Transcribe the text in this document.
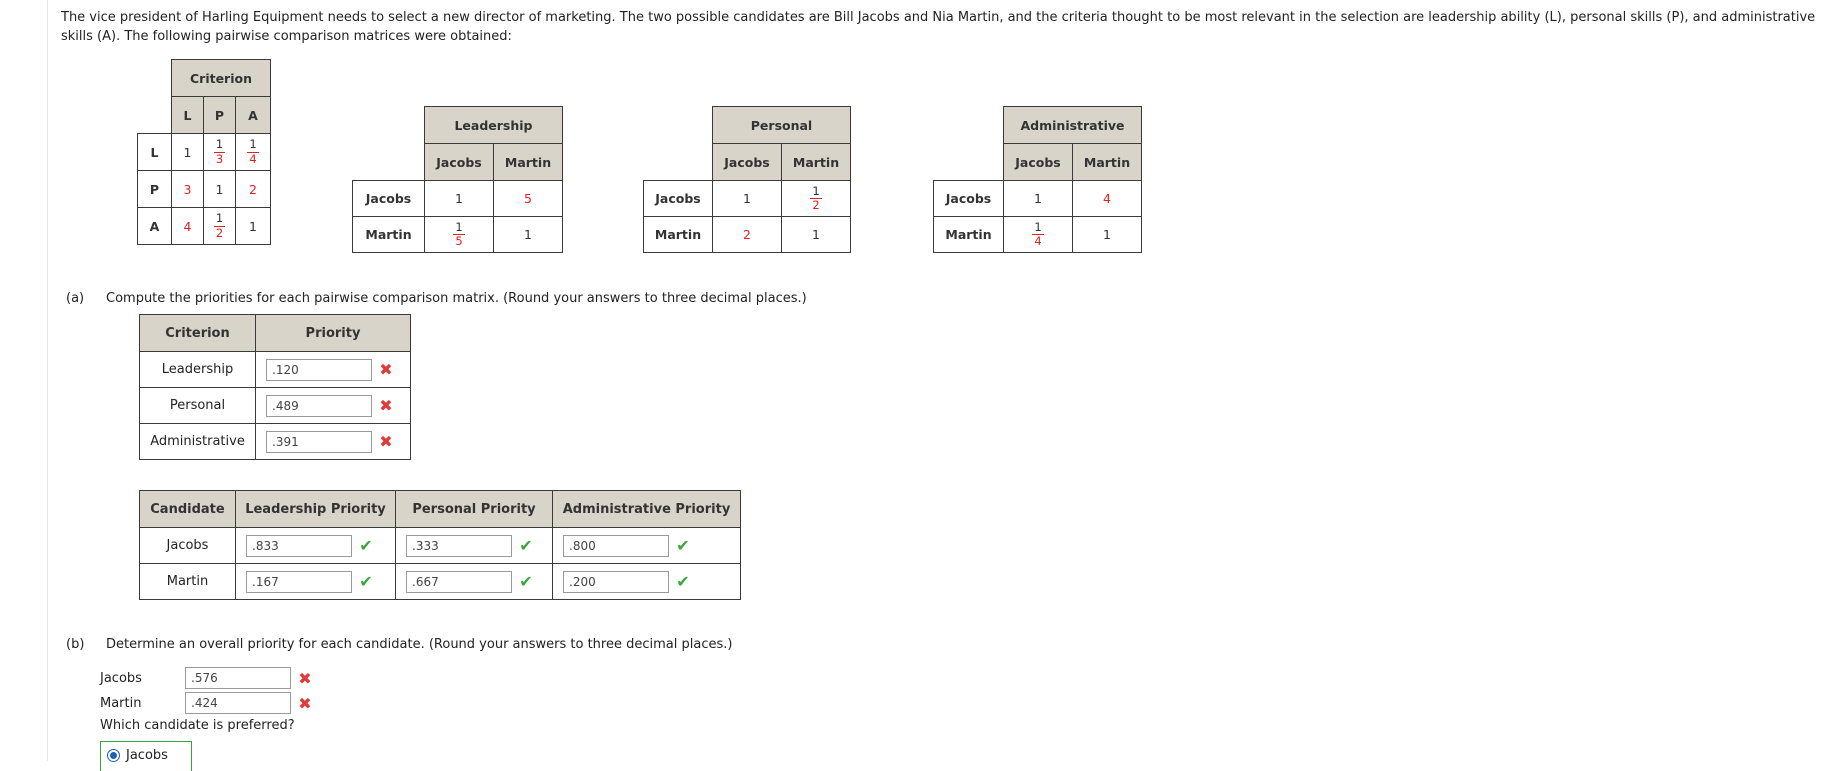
The vice president of Harling Equipment needs to select a new director of marketing. The two possible candidates are Bill Jacobs and Nia Martin, and the criteria thought to be most relevant in the selection are leadership ability (L), personal skills (P), and administrative skills (A). The following pairwise comparison matrices were obtained:
	Criterion		
	L	P	A
L	1	$\frac{1}{3}$	$\frac{1}{4}$

P	3	1	2
A	4	$\frac{1}{2}$	1
	Leadership	
	Jacobs	Martin
Jacobs	1	5
Martin	$\frac{1}{5}$	1
	Personal	
	Jacobs	Martin
Jacobs	1	$\frac{1}{2}$

Martin	2	1
	Administrative	
	Jacobs	Martin
Jacobs	1	4
Martin	$\frac{1}{4}$	1
(a) Compute the priorities for each pairwise comparison matrix. (Round your answers to three decimal places.)
Criterion	Priority
Leadership	.120 ✖

Personal	.489 ✖

Administrative	.391 ✖
Candidate	Leadership Priority	Personal Priority	Administrative Priority
Jacobs	.833 ✔	.333 ✔	.800 ✔

Martin	.167 ✔	.667 ✔	.200 ✔
(b) Determine an overall priority for each candidate. (Round your answers to three decimal places.)
Jacobs	.576	✖
Martin	.424	✖
Which candidate is preferred?
Jacobs
